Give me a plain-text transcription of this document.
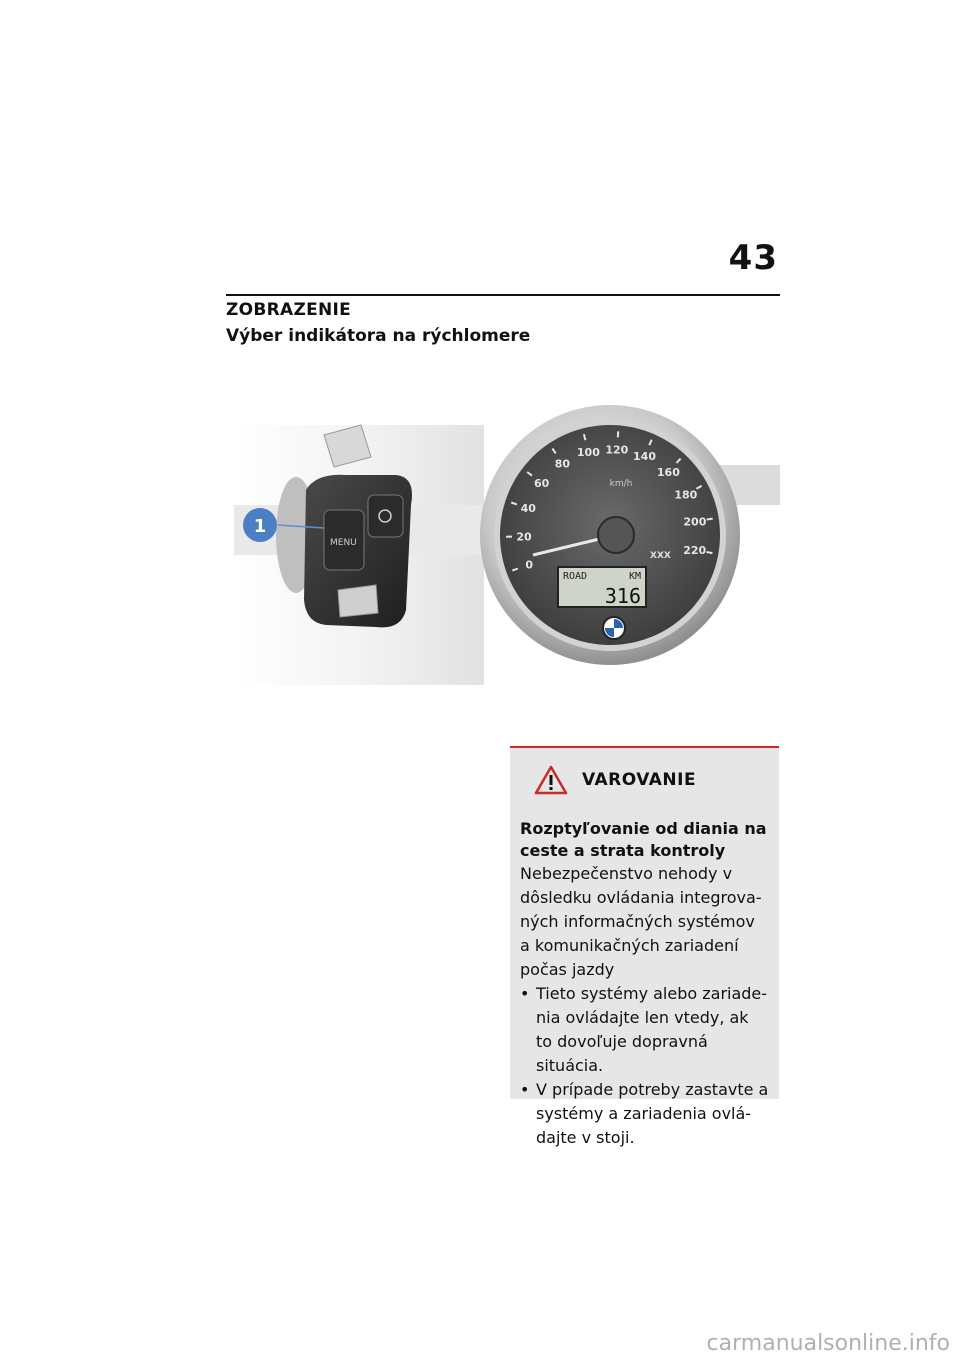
43
ZOBRAZENIE
Výber indikátora na rýchlomere
MENU
1
0
20
40
60
80
100 120
140
160
180
200
220
km/h
XXX
ROAD	KM
316
VAROVANIE
Rozptyľovanie od diania na ceste a strata kontroly
Nebezpečenstvo nehody v
dôsledku ovládania integrova-
ných informačných systémov
a komunikačných zariadení
počas jazdy
• Tieto systémy alebo zariade-nia ovládajte len vtedy, ak to dovoľuje dopravná situácia.
• V prípade potreby zastavte a systémy a zariadenia ovlá-dajte v stoji.
carmanualsonline.info
